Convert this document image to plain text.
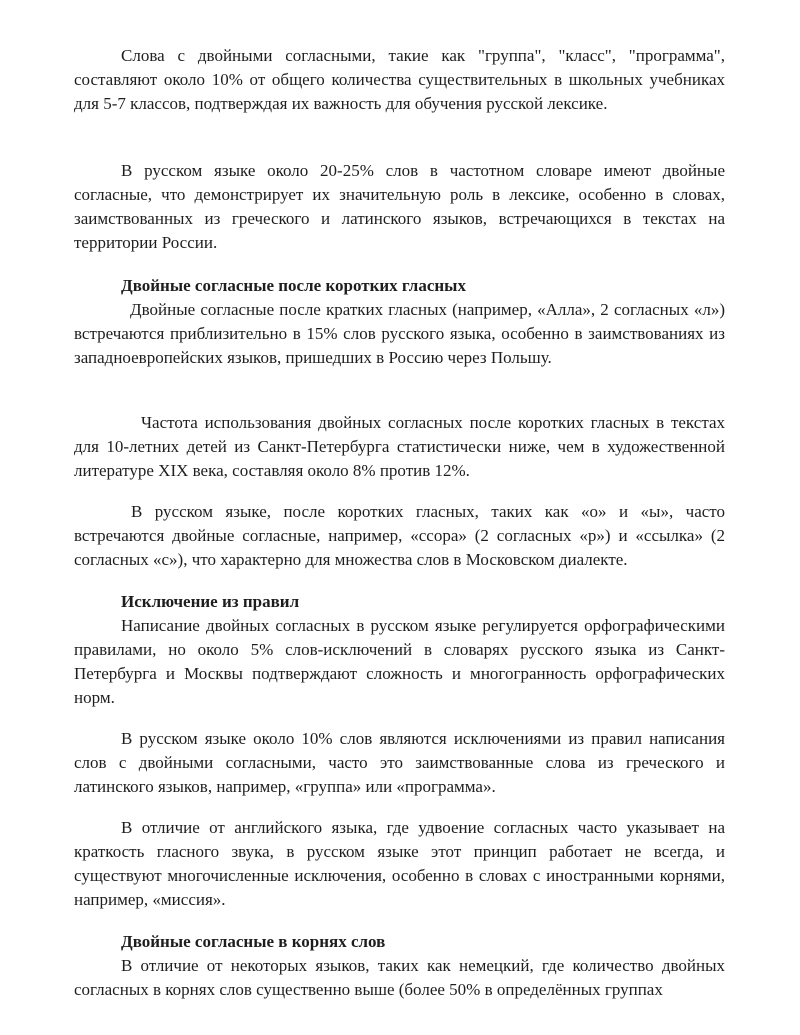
Слова с двойными согласными, такие как "группа", "класс", "программа", составляют около 10% от общего количества существительных в школьных учебниках для 5-7 классов, подтверждая их важность для обучения русской лексике.

В русском языке около 20-25% слов в частотном словаре имеют двойные согласные, что демонстрирует их значительную роль в лексике, особенно в словах, заимствованных из греческого и латинского языков, встречающихся в текстах на территории России.

Двойные согласные после коротких гласных

Двойные согласные после кратких гласных (например, «Алла», 2 согласных «л») встречаются приблизительно в 15% слов русского языка, особенно в заимствованиях из западноевропейских языков, пришедших в Россию через Польшу.

Частота использования двойных согласных после коротких гласных в текстах для 10-летних детей из Санкт-Петербурга статистически ниже, чем в художественной литературе XIX века, составляя около 8% против 12%.

В русском языке, после коротких гласных, таких как «о» и «ы», часто встречаются двойные согласные, например, «ссора» (2 согласных «р») и «ссылка» (2 согласных «с»), что характерно для множества слов в Московском диалекте.

Исключение из правил

Написание двойных согласных в русском языке регулируется орфографическими правилами, но около 5% слов-исключений в словарях русского языка из Санкт-Петербурга и Москвы подтверждают сложность и многогранность орфографических норм.

В русском языке около 10% слов являются исключениями из правил написания слов с двойными согласными, часто это заимствованные слова из греческого и латинского языков, например, «группа» или «программа».

В отличие от английского языка, где удвоение согласных часто указывает на краткость гласного звука, в русском языке этот принцип работает не всегда, и существуют многочисленные исключения, особенно в словах с иностранными корнями, например, «миссия».

Двойные согласные в корнях слов

В отличие от некоторых языков, таких как немецкий, где количество двойных согласных в корнях слов существенно выше (более 50% в определённых группах
